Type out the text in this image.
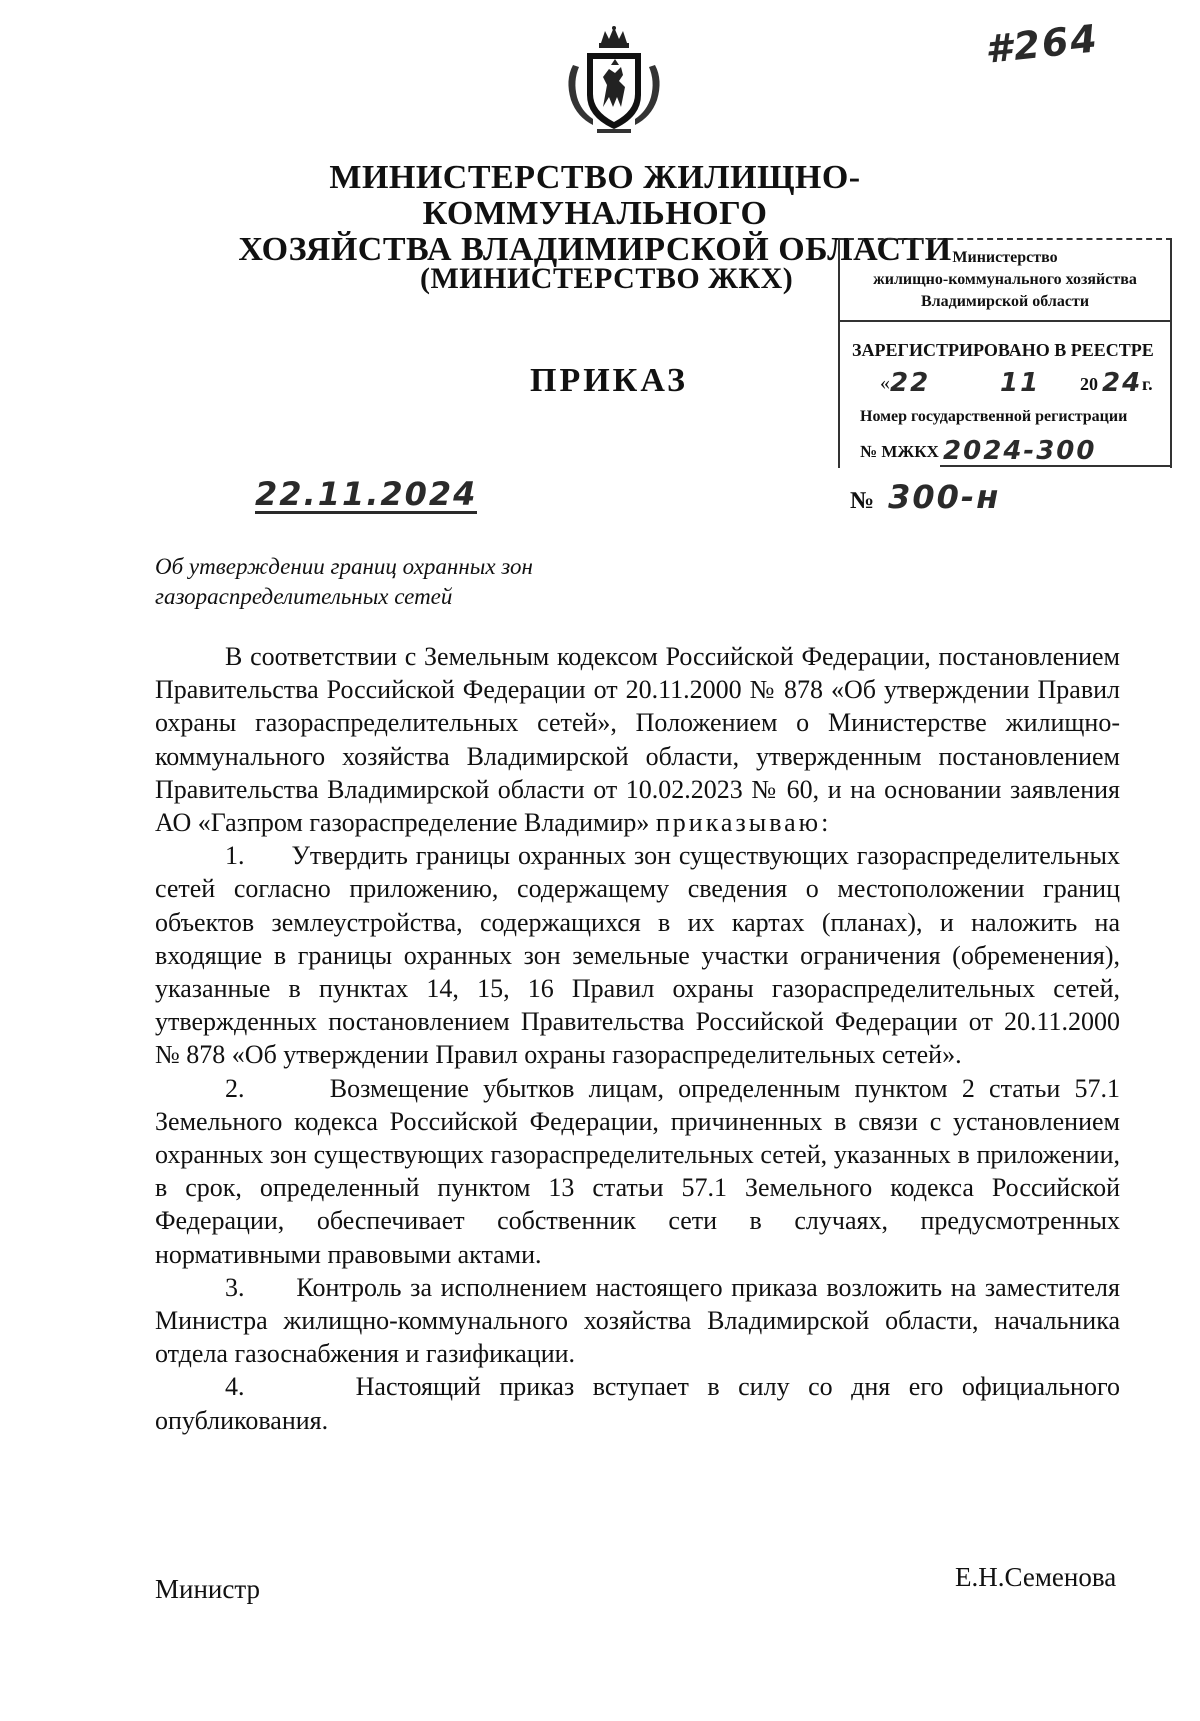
#264
МИНИСТЕРСТВО ЖИЛИЩНО-КОММУНАЛЬНОГО
ХОЗЯЙСТВА ВЛАДИМИРСКОЙ ОБЛАСТИ
(МИНИСТЕРСТВО ЖКХ)
ПРИКАЗ
Министерство
жилищно-коммунального хозяйства
Владимирской области
ЗАРЕГИСТРИРОВАНО В РЕЕСТРЕ
« 22	11 20 24 г.
Номер государственной регистрации
№ МЖКХ 2024-300
22.11.2024	№ 300-н
Об утверждении границ охранных зон
газораспределительных сетей

В соответствии с Земельным кодексом Российской Федерации, постановлением Правительства Российской Федерации от 20.11.2000 № 878 «Об утверждении Правил охраны газораспределительных сетей», Положением о Министерстве жилищно-коммунального хозяйства Владимирской области, утвержденным постановлением Правительства Владимирской области от 10.02.2023 № 60, и на основании заявления АО «Газпром газораспределение Владимир» приказываю:

1.      Утвердить границы охранных зон существующих газораспределительных сетей согласно приложению, содержащему сведения о местоположении границ объектов землеустройства, содержащихся в их картах (планах), и наложить на входящие в границы охранных зон земельные участки ограничения (обременения), указанные в пунктах 14, 15, 16 Правил охраны газораспределительных сетей, утвержденных постановлением Правительства Российской Федерации от 20.11.2000 № 878 «Об утверждении Правил охраны газораспределительных сетей».

2.      Возмещение убытков лицам, определенным пунктом 2 статьи 57.1 Земельного кодекса Российской Федерации, причиненных в связи с установлением охранных зон существующих газораспределительных сетей, указанных в приложении, в срок, определенный пунктом 13 статьи 57.1 Земельного кодекса Российской Федерации, обеспечивает собственник сети в случаях, предусмотренных нормативными правовыми актами.

3.      Контроль за исполнением настоящего приказа возложить на заместителя Министра жилищно-коммунального хозяйства Владимирской области, начальника отдела газоснабжения и газификации.

4.      Настоящий приказ вступает в силу со дня его официального опубликования.

Министр	Е.Н.Семенова
